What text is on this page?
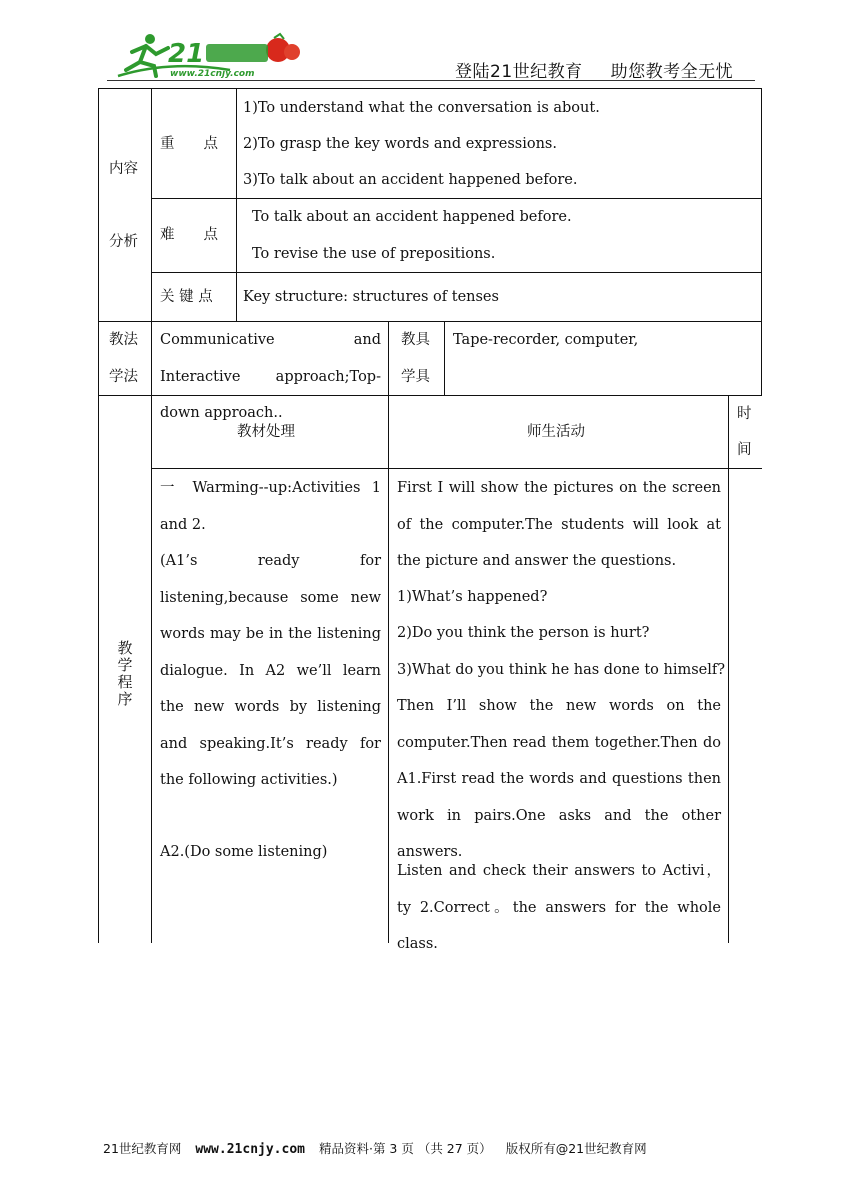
21
www.21cnjy.com	登陆21世纪教育 助您教考全无忧
内容
分析
重　　点
1)To understand what the conversation is about.
2)To grasp the key words and expressions.
3)To talk about an accident happened before.
难　　点
To talk about an accident happened before.
To revise the use of prepositions.
关 键 点 Key structure: structures of tenses
教法
学法
Communicative and Interactive approach;Top-down approach..
教具
学具
Tape-recorder, computer,
教学程序
教材处理	师生活动
时
间
一 Warming--up:Activities 1 and 2.
(A1’s ready for listening,because some new words may be in the listening dialogue. In A2 we’ll learn the new words by listening and speaking.It’s ready for the following activities.)
A2.(Do some listening)
First I will show the pictures on the screen of the computer.The students will look at the picture and answer the questions.
1)What’s happened?
2)Do you think the person is hurt?
3)What do you think he has done to himself?
Then I’ll show the new words on the computer.Then read them together.Then do A1.First read the words and questions then work in pairs.One asks and the other answers.
Listen and check their answers to Activi，ty 2.Correct。the answers for the whole class.
21世纪教育网 www.21cnjy.com 精品资料·第 3 页 （共 27 页） 版权所有@21世纪教育网
